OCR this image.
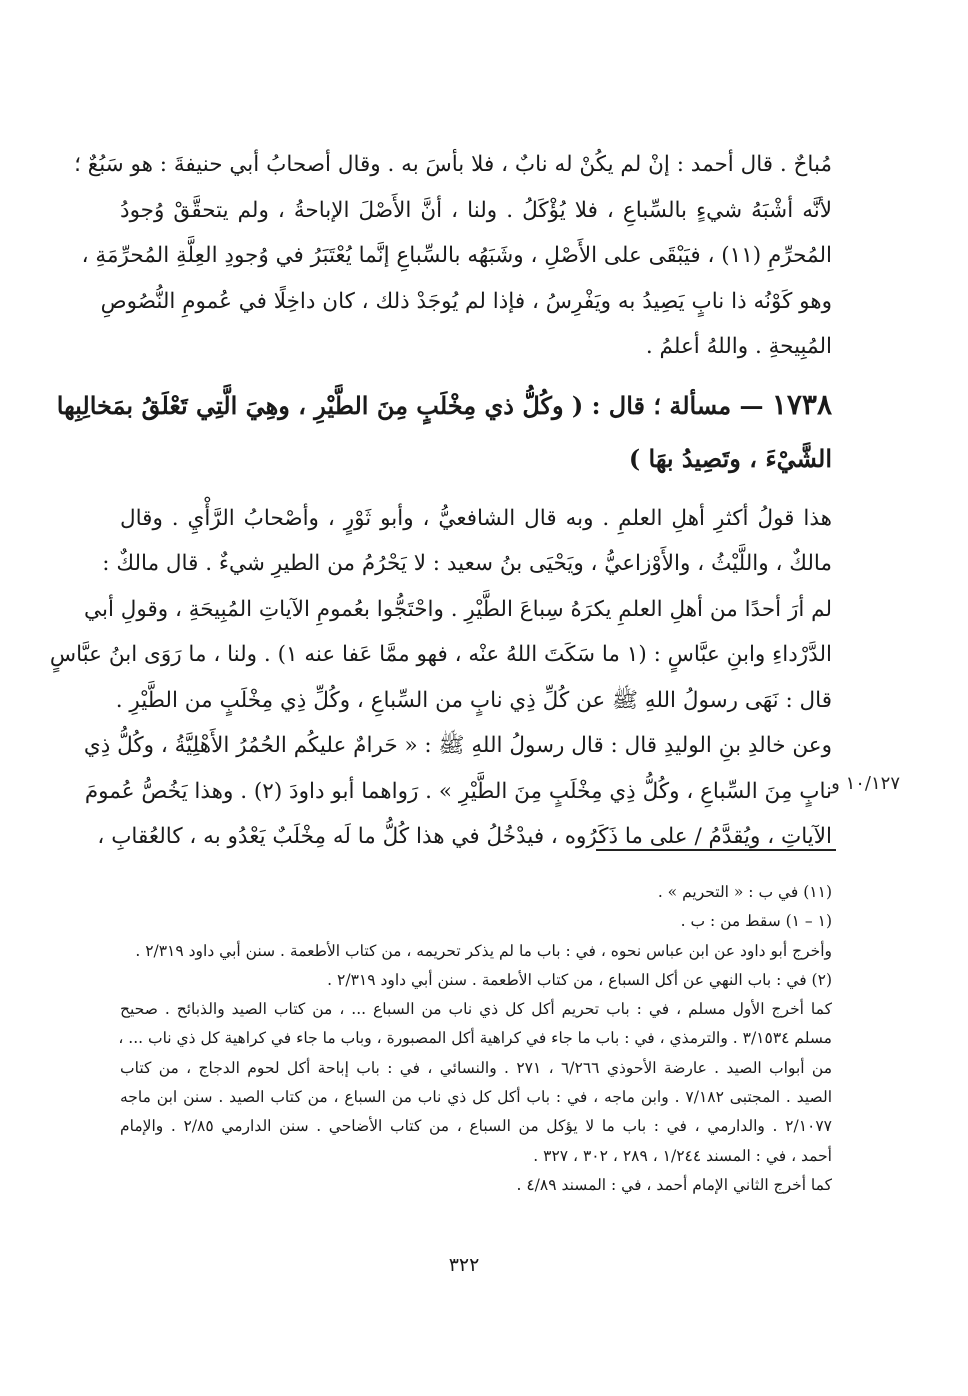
مُباحٌ . قال أحمد : إنْ لم يكُنْ له نابٌ ، فلا بأسَ به . وقال أصحابُ أبي حنيفةَ : هو سَبُعٌ ؛
لأنَّه أشْبَهُ شيءٍ بالسِّباعِ ، فلا يُؤْكَلُ . ولنا ، أنَّ الأَصْلَ الإباحةُ ، ولم يتحقَّقْ وُجودُ
المُحرِّمِ (١١) ، فيَبْقَى على الأَصْلِ ، وشَبَهُه بالسِّباعِ إنَّما يُعْتَبَرُ في وُجودِ العِلَّةِ المُحرِّمَةِ ،
وهو كَوْنُه ذا نابٍ يَصِيدُ به ويَفْرِسُ ، فإذا لم يُوجَدْ ذلك ، كان داخِلًا في عُمومِ النُّصُوصِ
المُبِيحةِ . واللهُ أعلمُ .
١٧٣٨ — مسألة ؛ قال : ( وكُلُّ ذي مِخْلَبٍ مِنَ الطَّيْرِ ، وهِيَ الَّتِي تَعْلَقُ بمَخالِبِها
الشَّيْءَ ، وتَصِيدُ بهَا )
هذا قولُ أكثرِ أهلِ العلمِ . وبه قال الشافعيُّ ، وأبو ثَوْرٍ ، وأصْحابُ الرَّأْيِ . وقال
مالكٌ ، واللَّيْثُ ، والأَوْزاعيُّ ، ويَحْيَى بنُ سعيد : لا يَحْرُمُ من الطيرِ شيءٌ . قال مالكٌ :
لم أرَ أحدًا من أهلِ العلمِ يكرَهُ سِباعَ الطَّيْرِ . واحْتَجُّوا بعُمومِ الآياتِ المُبِيحَةِ ، وقولِ أبي
الدَّرْداءِ وابنِ عبَّاسٍ : (١ ما سَكَتَ اللهُ عنْه ، فهو ممَّا عَفا عنه ١) . ولنا ، ما رَوَى ابنُ عبَّاسٍ
قال : نَهَى رسولُ اللهِ ﷺ عن كُلِّ ذِي نابٍ من السِّباعِ ، وكُلِّ ذِي مِخْلَبٍ من الطَّيْرِ .
وعن خالدِ بنِ الوليدِ قال : قال رسولُ اللهِ ﷺ : « حَرامٌ عليكُم الحُمُرُ الأَهْلِيَّةُ ، وكُلُّ ذِي
نابٍ مِنَ السِّباعِ ، وكُلُّ ذِي مِخْلَبٍ مِنَ الطَّيْرِ » . رَواهما أبو داودَ (٢) . وهذا يَخُصُّ عُمومَ
الآياتِ ، ويُقدَّمُ / على ما ذَكَرُوه ، فيدْخُلُ في هذا كُلُّ ما لَه مِخْلَبٌ يَعْدُو به ، كالعُقابِ ،
١٠/١٢٧ و
(١١) في ب : « التحريم » .
(١ – ١) سقط من : ب .
وأخرج أبو داود عن ابن عباس نحوه ، في : باب ما لم يذكر تحريمه ، من كتاب الأطعمة . سنن أبي داود ٢/٣١٩ .
(٢) في : باب النهي عن أكل السباع ، من كتاب الأطعمة . سنن أبي داود ٢/٣١٩ .
كما أخرج الأول مسلم ، في : باب تحريم أكل كل ذي ناب من السباع ... ، من كتاب الصيد والذبائح . صحيح
مسلم ٣/١٥٣٤ . والترمذي ، في : باب ما جاء في كراهية أكل المصبورة ، وباب ما جاء في كراهية كل ذي ناب ... ،
من أبواب الصيد . عارضة الأحوذي ٦/٢٦٦ ، ٢٧١ . والنسائي ، في : باب إباحة أكل لحوم الدجاج ، من كتاب
الصيد . المجتبى ٧/١٨٢ . وابن ماجه ، في : باب أكل كل ذي ناب من السباع ، من كتاب الصيد . سنن ابن ماجه
٢/١٠٧٧ . والدارمي ، في : باب ما لا يؤكل من السباع ، من كتاب الأضاحي . سنن الدارمي ٢/٨٥ . والإمام
أحمد ، في : المسند ١/٢٤٤ ، ٢٨٩ ، ٣٠٢ ، ٣٢٧ .
كما أخرج الثاني الإمام أحمد ، في : المسند ٤/٨٩ .
٣٢٢
